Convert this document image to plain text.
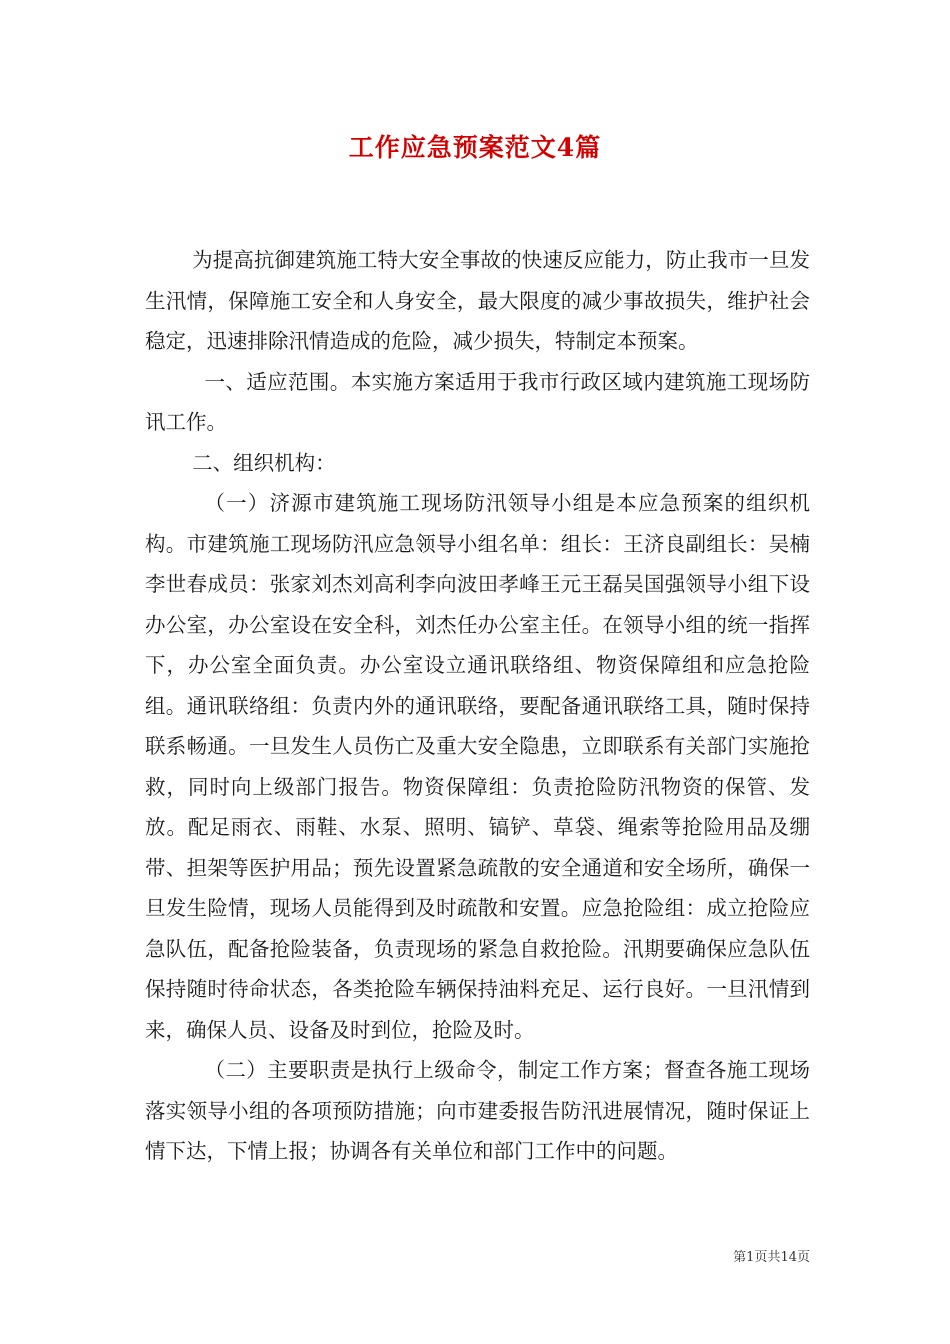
工作应急预案范文4篇

为提高抗御建筑施工特大安全事故的快速反应能力，防止我市一旦发生汛情，保障施工安全和人身安全，最大限度的减少事故损失，维护社会稳定，迅速排除汛情造成的危险，减少损失，特制定本预案。

一、适应范围。本实施方案适用于我市行政区域内建筑施工现场防讯工作。

二、组织机构：

（一）济源市建筑施工现场防汛领导小组是本应急预案的组织机构。市建筑施工现场防汛应急领导小组名单：组长：王济良副组长：吴楠李世春成员：张家刘杰刘高利李向波田孝峰王元王磊吴国强领导小组下设办公室，办公室设在安全科，刘杰任办公室主任。在领导小组的统一指挥下，办公室全面负责。办公室设立通讯联络组、物资保障组和应急抢险组。通讯联络组：负责内外的通讯联络，要配备通讯联络工具，随时保持联系畅通。一旦发生人员伤亡及重大安全隐患，立即联系有关部门实施抢救，同时向上级部门报告。物资保障组：负责抢险防汛物资的保管、发放。配足雨衣、雨鞋、水泵、照明、镐铲、草袋、绳索等抢险用品及绷带、担架等医护用品；预先设置紧急疏散的安全通道和安全场所，确保一旦发生险情，现场人员能得到及时疏散和安置。应急抢险组：成立抢险应急队伍，配备抢险装备，负责现场的紧急自救抢险。汛期要确保应急队伍保持随时待命状态，各类抢险车辆保持油料充足、运行良好。一旦汛情到来，确保人员、设备及时到位，抢险及时。

（二）主要职责是执行上级命令，制定工作方案；督查各施工现场落实领导小组的各项预防措施；向市建委报告防汛进展情况，随时保证上情下达，下情上报；协调各有关单位和部门工作中的问题。

第1页共14页
